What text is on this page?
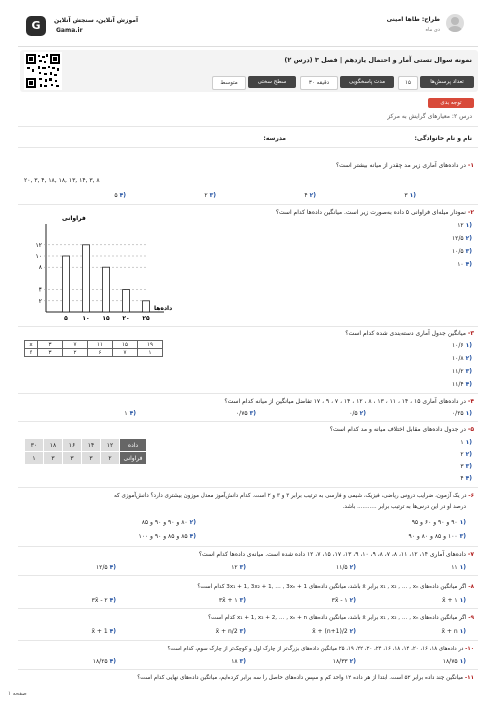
طراح: طاها امینی
دی ماه
G	آموزش آنلاین، سنجش آنلاین
Gama.ir
نمونه سوال تستی آمار و احتمال یازدهم | فصل ۳ (درس ۲)
تعداد پرسش‌ها
۱۵
مدت پاسخگویی
۳۰ دقیقه
سطح سختی
متوسط
توجه بدی
درس ۲: معیارهای گرایش به مرکز
نام و نام خانوادگی:
مدرسه:
۱- در داده‌های آماری زیر مد چقدر از میانه بیشتر است؟
۲۰, ۳, ۴, ۱۸, ۱۸, ۱۳, ۱۴, ۳, ۸
(۱ ۳
(۲ ۴
(۳ ۲
(۴ ۵
۲- نمودار میله‌ای فراوانی ۵ داده به‌صورت زیر است. میانگین داده‌ها کدام است؟
(۱ ۱۲
(۲ ۱۲/۵
(۳ ۱۰/۵
(۴ ۱۰
۲
۴
۸
۱۰
۱۲
۵ ۱۰ ۱۵ ۲۰ ۲۵
فراوانی
داده‌ها
۳- میانگین جدول آماری دسته‌بندی شده کدام است؟
x	۳	۷	۱۱	۱۵	۱۹
f	۳	۲	۶	۷	۱
(۱ ۱۰/۶
(۲ ۱۰/۸
(۳ ۱۱/۲
(۴ ۱۱/۴
۴- در داده‌های آماری ۱۵ ، ۱۴ ، ۱۱ ، ۱۳ ، ۸ ، ۱۲ ، ۱۴ ، ۷ ، ۹ ، ۱۷ تفاضل میانگین از میانه کدام است؟
(۱ ۰/۲۵
(۲ ۰/۵
(۳ ۰/۷۵
(۴ ۱
۵- در جدول داده‌های مقابل اختلاف میانه و مد کدام است؟
۳۰	۱۸	۱۶	۱۴	۱۲	داده
۱	۳	۳	۳	۲	فراوانی
(۱ ۱
(۲ ۲
(۳ ۳
(۴ ۴
۶- در یک آزمون، ضرایب دروس ریاضی، فیزیک، شیمی و فارسی به ترتیب برابر ۳ و ۳ و ۲ است. کدام دانش‌آموز معدل موزون بیشتری دارد؟ دانش‌آموزی که
درصد او در این درس‌ها به ترتیب برابر ........... باشد.
(۱ ۹۰ و ۹۰ و ۶۰ و ۹۵
(۲ ۸۰ و ۹۰ و ۹۰ و ۸۵
(۳ ۱۰۰ و ۸۵ و ۸۰ و ۹۰
(۴ ۸۵ و ۸۵ و ۹۰ و ۱۰۰
۷- داده‌های آماری ۱۴، ۱۲، ۱۱، ۸، ۷، ۸، ۹، ۱۰، ۹، ۱۳، ۱۷، ۱۵، ۷، ۱۲ داده شده است. میانه‌ی داده‌ها کدام است؟
(۱ ۱۱
(۲ ۱۱/۵
(۳ ۱۲
(۴ ۱۲/۵
۸- اگر میانگین داده‌های x₁ , x₂ , … , xₙ برابر x̄ باشد، میانگین داده‌های 3x₁ + 1, 3x₂ + 1, … , 3xₙ + 1 کدام است؟
(۱ x̄ + ۱
(۲ ۳x̄ - ۱
(۳ ۳x̄ + ۱
(۴ ۳x̄ - ۲
۹- اگر میانگین داده‌های x₁ , x₂ , … , xₙ برابر x̄ باشد، میانگین داده‌های x₁ + 1, x₂ + 2, … , xₙ + n کدام است؟
(۱ x̄ + n
(۲ x̄ + (n+1)/2
(۳ x̄ + n/2
(۴ x̄ + 1
۱۰- در داده‌های ۱۸، ۱۶، ۲۰، ۱۴، ۱۸، ۱۶، ۲۴، ۲۰، ۲۲، ۱۹، ۲۵ میانگین داده‌های بزرگ‌تر از چارک اول و کوچک‌تر از چارک سوم، کدام است؟
(۱ ۱۸/۷۵
(۲ ۱۸/۳۳
(۳ ۱۸
(۴ ۱۸/۲۵
۱۱- میانگین چند داده برابر ۵۲ است. ابتدا از هر داده ۱۲ واحد کم و سپس داده‌های حاصل را سه برابر کرده‌ایم، میانگین داده‌های نهایی کدام است؟
صفحه ۱
